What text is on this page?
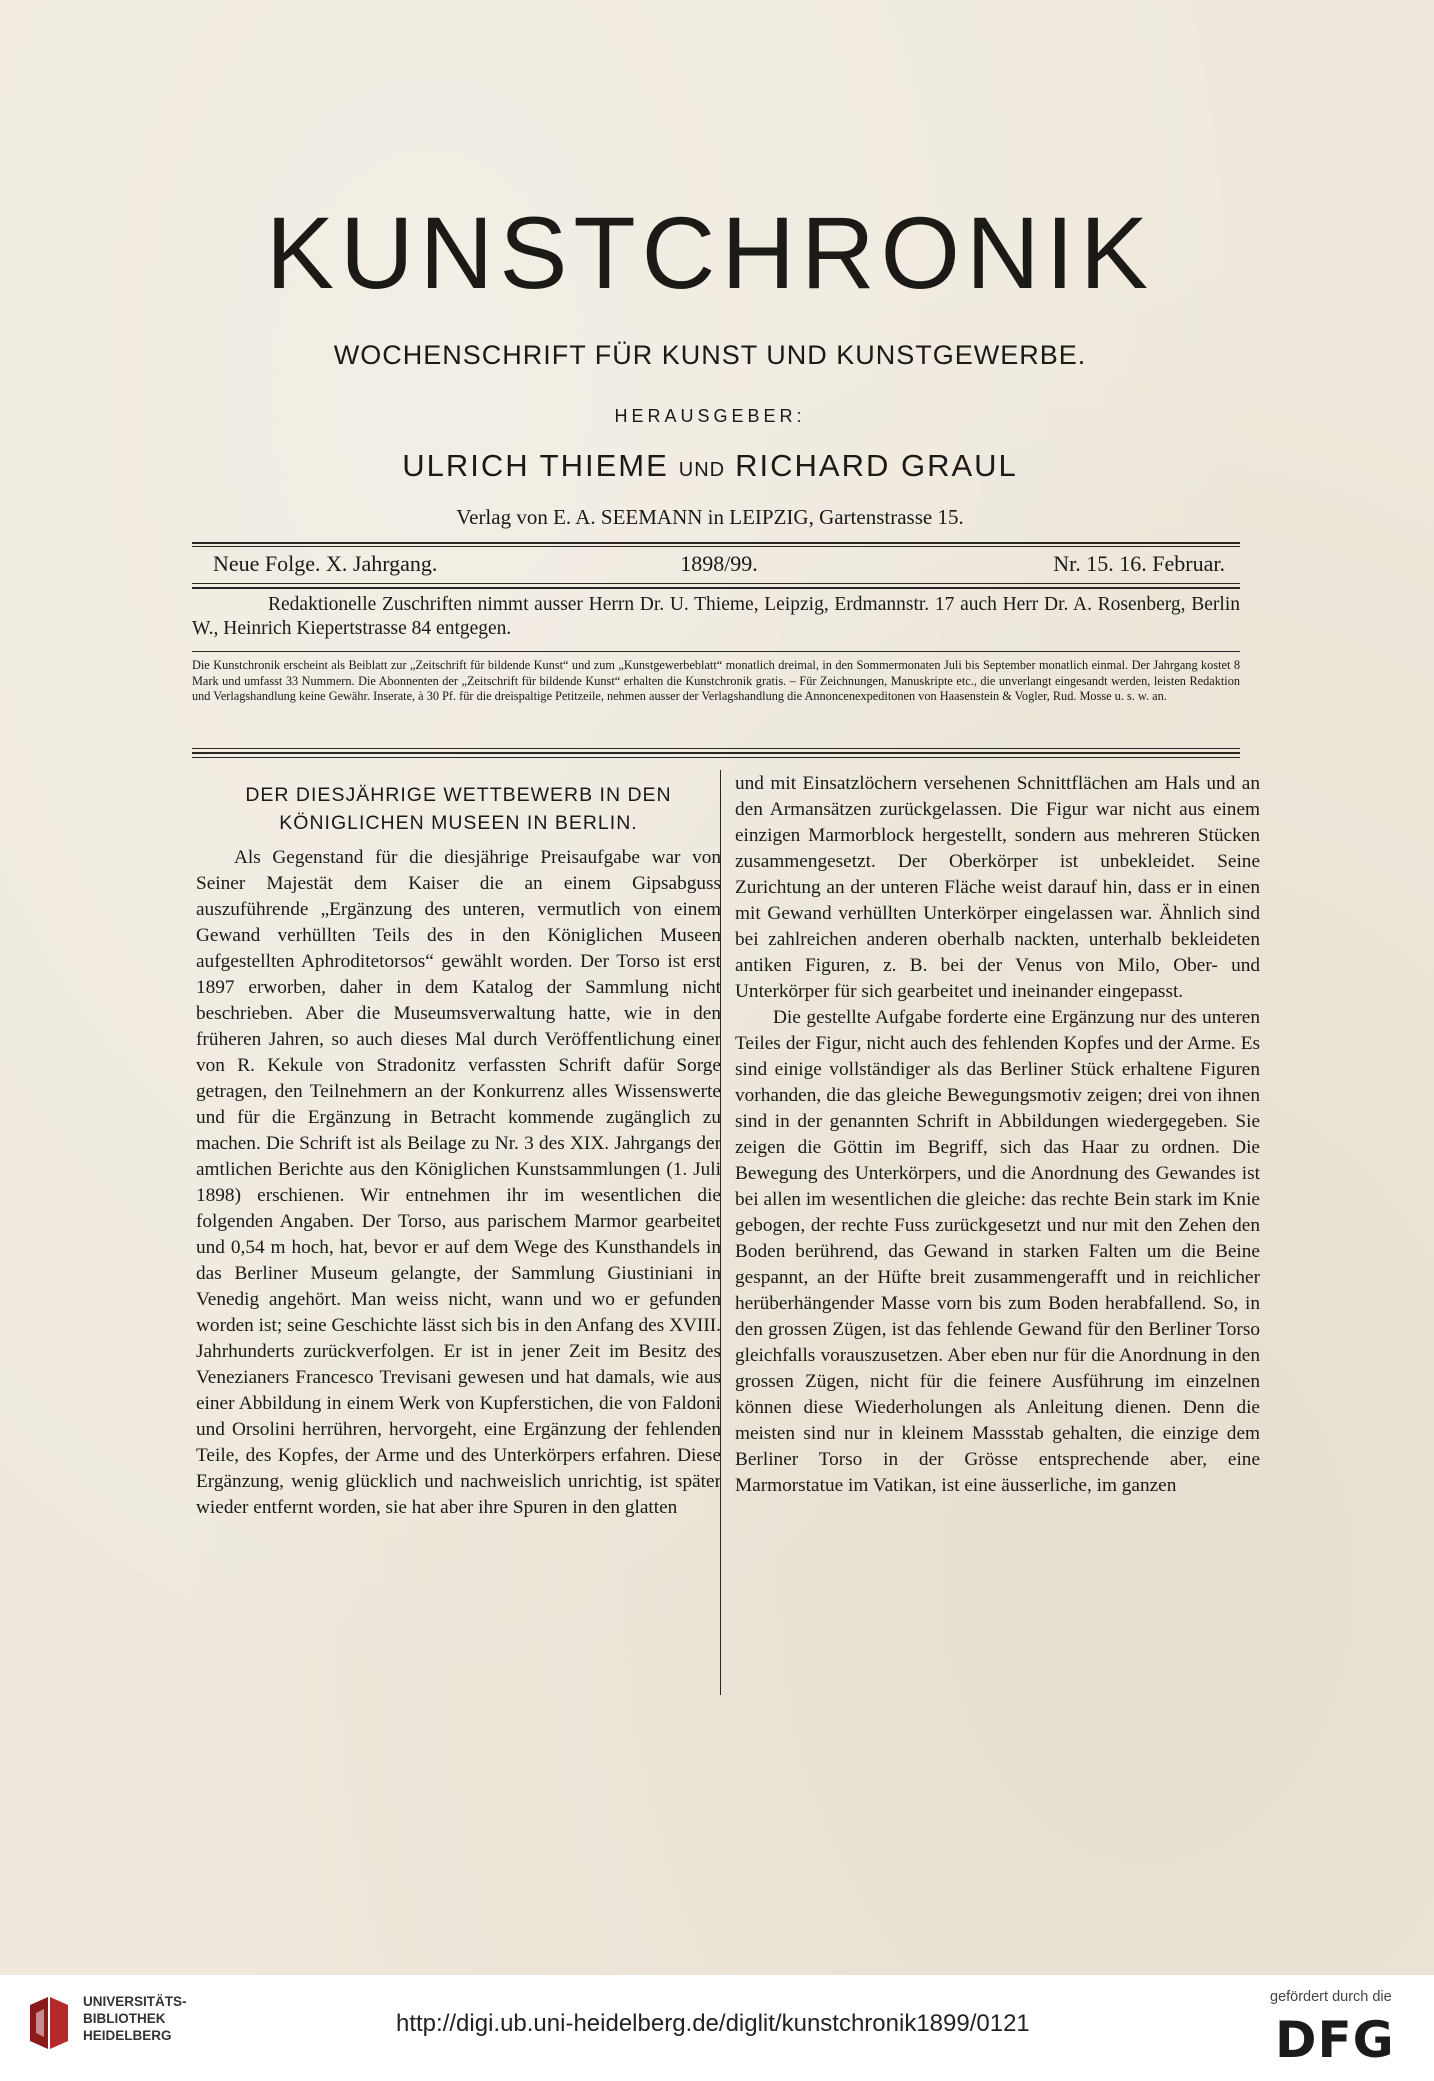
KUNSTCHRONIK
WOCHENSCHRIFT FÜR KUNST UND KUNSTGEWERBE.
HERAUSGEBER:
ULRICH THIEME UND RICHARD GRAUL
Verlag von E. A. SEEMANN in LEIPZIG, Gartenstrasse 15.
Neue Folge. X. Jahrgang.	1898/99.	Nr. 15. 16. Februar.
Redaktionelle Zuschriften nimmt ausser Herrn Dr. U. Thieme, Leipzig, Erdmannstr. 17 auch Herr Dr. A. Rosenberg, Berlin W., Heinrich Kiepertstrasse 84 entgegen.
Die Kunstchronik erscheint als Beiblatt zur „Zeitschrift für bildende Kunst“ und zum „Kunstgewerbeblatt“ monatlich dreimal, in den Sommermonaten Juli bis September monatlich einmal. Der Jahrgang kostet 8 Mark und umfasst 33 Nummern. Die Abonnenten der „Zeitschrift für bildende Kunst“ erhalten die Kunstchronik gratis. – Für Zeichnungen, Manuskripte etc., die unverlangt eingesandt werden, leisten Redaktion und Verlagshandlung keine Gewähr. Inserate, à 30 Pf. für die dreispaltige Petitzeile, nehmen ausser der Verlagshandlung die Annoncenexpeditonen von Haasenstein & Vogler, Rud. Mosse u. s. w. an.
DER DIESJÄHRIGE WETTBEWERB IN DEN KÖNIGLICHEN MUSEEN IN BERLIN.

Als Gegenstand für die diesjährige Preisaufgabe war von Seiner Majestät dem Kaiser die an einem Gipsabguss auszuführende „Ergänzung des unteren, vermutlich von einem Gewand verhüllten Teils des in den Königlichen Museen aufgestellten Aphroditetorsos“ gewählt worden. Der Torso ist erst 1897 erworben, daher in dem Katalog der Sammlung nicht beschrieben. Aber die Museumsverwaltung hatte, wie in den früheren Jahren, so auch dieses Mal durch Veröffentlichung einer von R. Kekule von Stradonitz verfassten Schrift dafür Sorge getragen, den Teilnehmern an der Konkurrenz alles Wissenswerte und für die Ergänzung in Betracht kommende zugänglich zu machen. Die Schrift ist als Beilage zu Nr. 3 des XIX. Jahrgangs der amtlichen Berichte aus den Königlichen Kunstsammlungen (1. Juli 1898) erschienen. Wir entnehmen ihr im wesentlichen die folgenden Angaben. Der Torso, aus parischem Marmor gearbeitet und 0,54 m hoch, hat, bevor er auf dem Wege des Kunsthandels in das Berliner Museum gelangte, der Sammlung Giustiniani in Venedig angehört. Man weiss nicht, wann und wo er gefunden worden ist; seine Geschichte lässt sich bis in den Anfang des XVIII. Jahrhunderts zurückverfolgen. Er ist in jener Zeit im Besitz des Venezianers Francesco Trevisani gewesen und hat damals, wie aus einer Abbildung in einem Werk von Kupferstichen, die von Faldoni und Orsolini herrühren, hervorgeht, eine Ergänzung der fehlenden Teile, des Kopfes, der Arme und des Unterkörpers erfahren. Diese Ergänzung, wenig glücklich und nachweislich unrichtig, ist später wieder entfernt worden, sie hat aber ihre Spuren in den glatten

und mit Einsatzlöchern versehenen Schnittflächen am Hals und an den Armansätzen zurückgelassen. Die Figur war nicht aus einem einzigen Marmorblock hergestellt, sondern aus mehreren Stücken zusammengesetzt. Der Oberkörper ist unbekleidet. Seine Zurichtung an der unteren Fläche weist darauf hin, dass er in einen mit Gewand verhüllten Unterkörper eingelassen war. Ähnlich sind bei zahlreichen anderen oberhalb nackten, unterhalb bekleideten antiken Figuren, z. B. bei der Venus von Milo, Ober- und Unterkörper für sich gearbeitet und ineinander eingepasst.

Die gestellte Aufgabe forderte eine Ergänzung nur des unteren Teiles der Figur, nicht auch des fehlenden Kopfes und der Arme. Es sind einige vollständiger als das Berliner Stück erhaltene Figuren vorhanden, die das gleiche Bewegungsmotiv zeigen; drei von ihnen sind in der genannten Schrift in Abbildungen wiedergegeben. Sie zeigen die Göttin im Begriff, sich das Haar zu ordnen. Die Bewegung des Unterkörpers, und die Anordnung des Gewandes ist bei allen im wesentlichen die gleiche: das rechte Bein stark im Knie gebogen, der rechte Fuss zurückgesetzt und nur mit den Zehen den Boden berührend, das Gewand in starken Falten um die Beine gespannt, an der Hüfte breit zusammengerafft und in reichlicher herüberhängender Masse vorn bis zum Boden herabfallend. So, in den grossen Zügen, ist das fehlende Gewand für den Berliner Torso gleichfalls vorauszusetzen. Aber eben nur für die Anordnung in den grossen Zügen, nicht für die feinere Ausführung im einzelnen können diese Wiederholungen als Anleitung dienen. Denn die meisten sind nur in kleinem Massstab gehalten, die einzige dem Berliner Torso in der Grösse entsprechende aber, eine Marmorstatue im Vatikan, ist eine äusserliche, im ganzen

UNIVERSITÄTS-
BIBLIOTHEK
HEIDELBERG	http://digi.ub.uni-heidelberg.de/diglit/kunstchronik1899/0121
gefördert durch die
DFG
